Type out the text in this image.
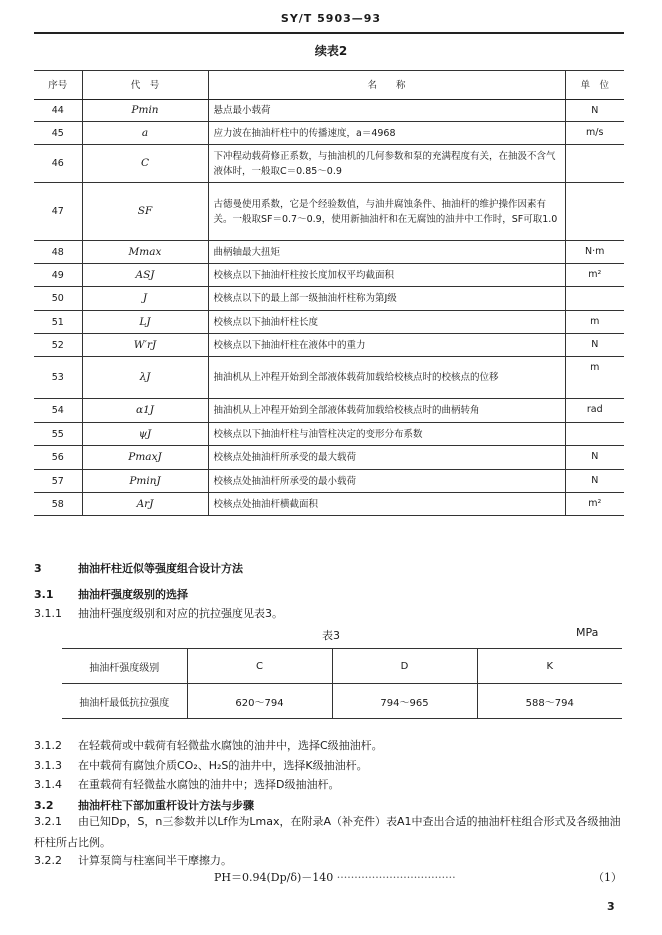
SY/T 5903—93
续表2
序号	代　号	名　　称	单　位
44	Pmin	悬点最小载荷	N
45	a	应力波在抽油杆柱中的传播速度，a＝4968	m/s
46	C	下冲程动载荷修正系数，与抽油机的几何参数和泵的充满程度有关，在抽汲不含气液体时，一般取C＝0.85～0.9	
47	SF	古德曼使用系数，它是个经验数值，与油井腐蚀条件、抽油杆的维护操作因素有关。一般取SF＝0.7～0.9，使用新抽油杆和在无腐蚀的油井中工作时，SF可取1.0	
48	Mmax	曲柄轴最大扭矩	N·m
49	ASJ	校核点以下抽油杆柱按长度加权平均截面积	m²
50	J	校核点以下的最上部一级抽油杆柱称为第J级	
51	LJ	校核点以下抽油杆柱长度	m
52	W′rJ	校核点以下抽油杆柱在液体中的重力	N
53	λJ	抽油机从上冲程开始到全部液体载荷加载给校核点时的校核点的位移	m
54	α1J	抽油机从上冲程开始到全部液体载荷加载给校核点时的曲柄转角	rad
55	ψJ	校核点以下抽油杆柱与油管柱决定的变形分布系数	
56	PmaxJ	校核点处抽油杆所承受的最大载荷	N
57	PminJ	校核点处抽油杆所承受的最小载荷	N
58	ArJ	校核点处抽油杆横截面积	m²
3	抽油杆柱近似等强度组合设计方法
3.1 抽油杆强度级别的选择
3.1.1 抽油杆强度级别和对应的抗拉强度见表3。
表3	MPa
抽油杆强度级别	C	D	K
抽油杆最低抗拉强度	620～794	794～965	588～794
3.1.2 在轻载荷或中载荷有轻微盐水腐蚀的油井中，选择C级抽油杆。
3.1.3 在中载荷有腐蚀介质CO₂、H₂S的油井中，选择K级抽油杆。
3.1.4 在重载荷有轻微盐水腐蚀的油井中；选择D级抽油杆。
3.2 抽油杆柱下部加重杆设计方法与步骤
3.2.1 由已知Dp，S，n三参数并以Lf作为Lmax，在附录A（补充件）表A1中查出合适的抽油杆柱组合形式及各级抽油杆柱所占比例。
3.2.2 计算泵筒与柱塞间半干摩擦力。
PH＝0.94(Dp/δ)－140 ··································	（1）
3
